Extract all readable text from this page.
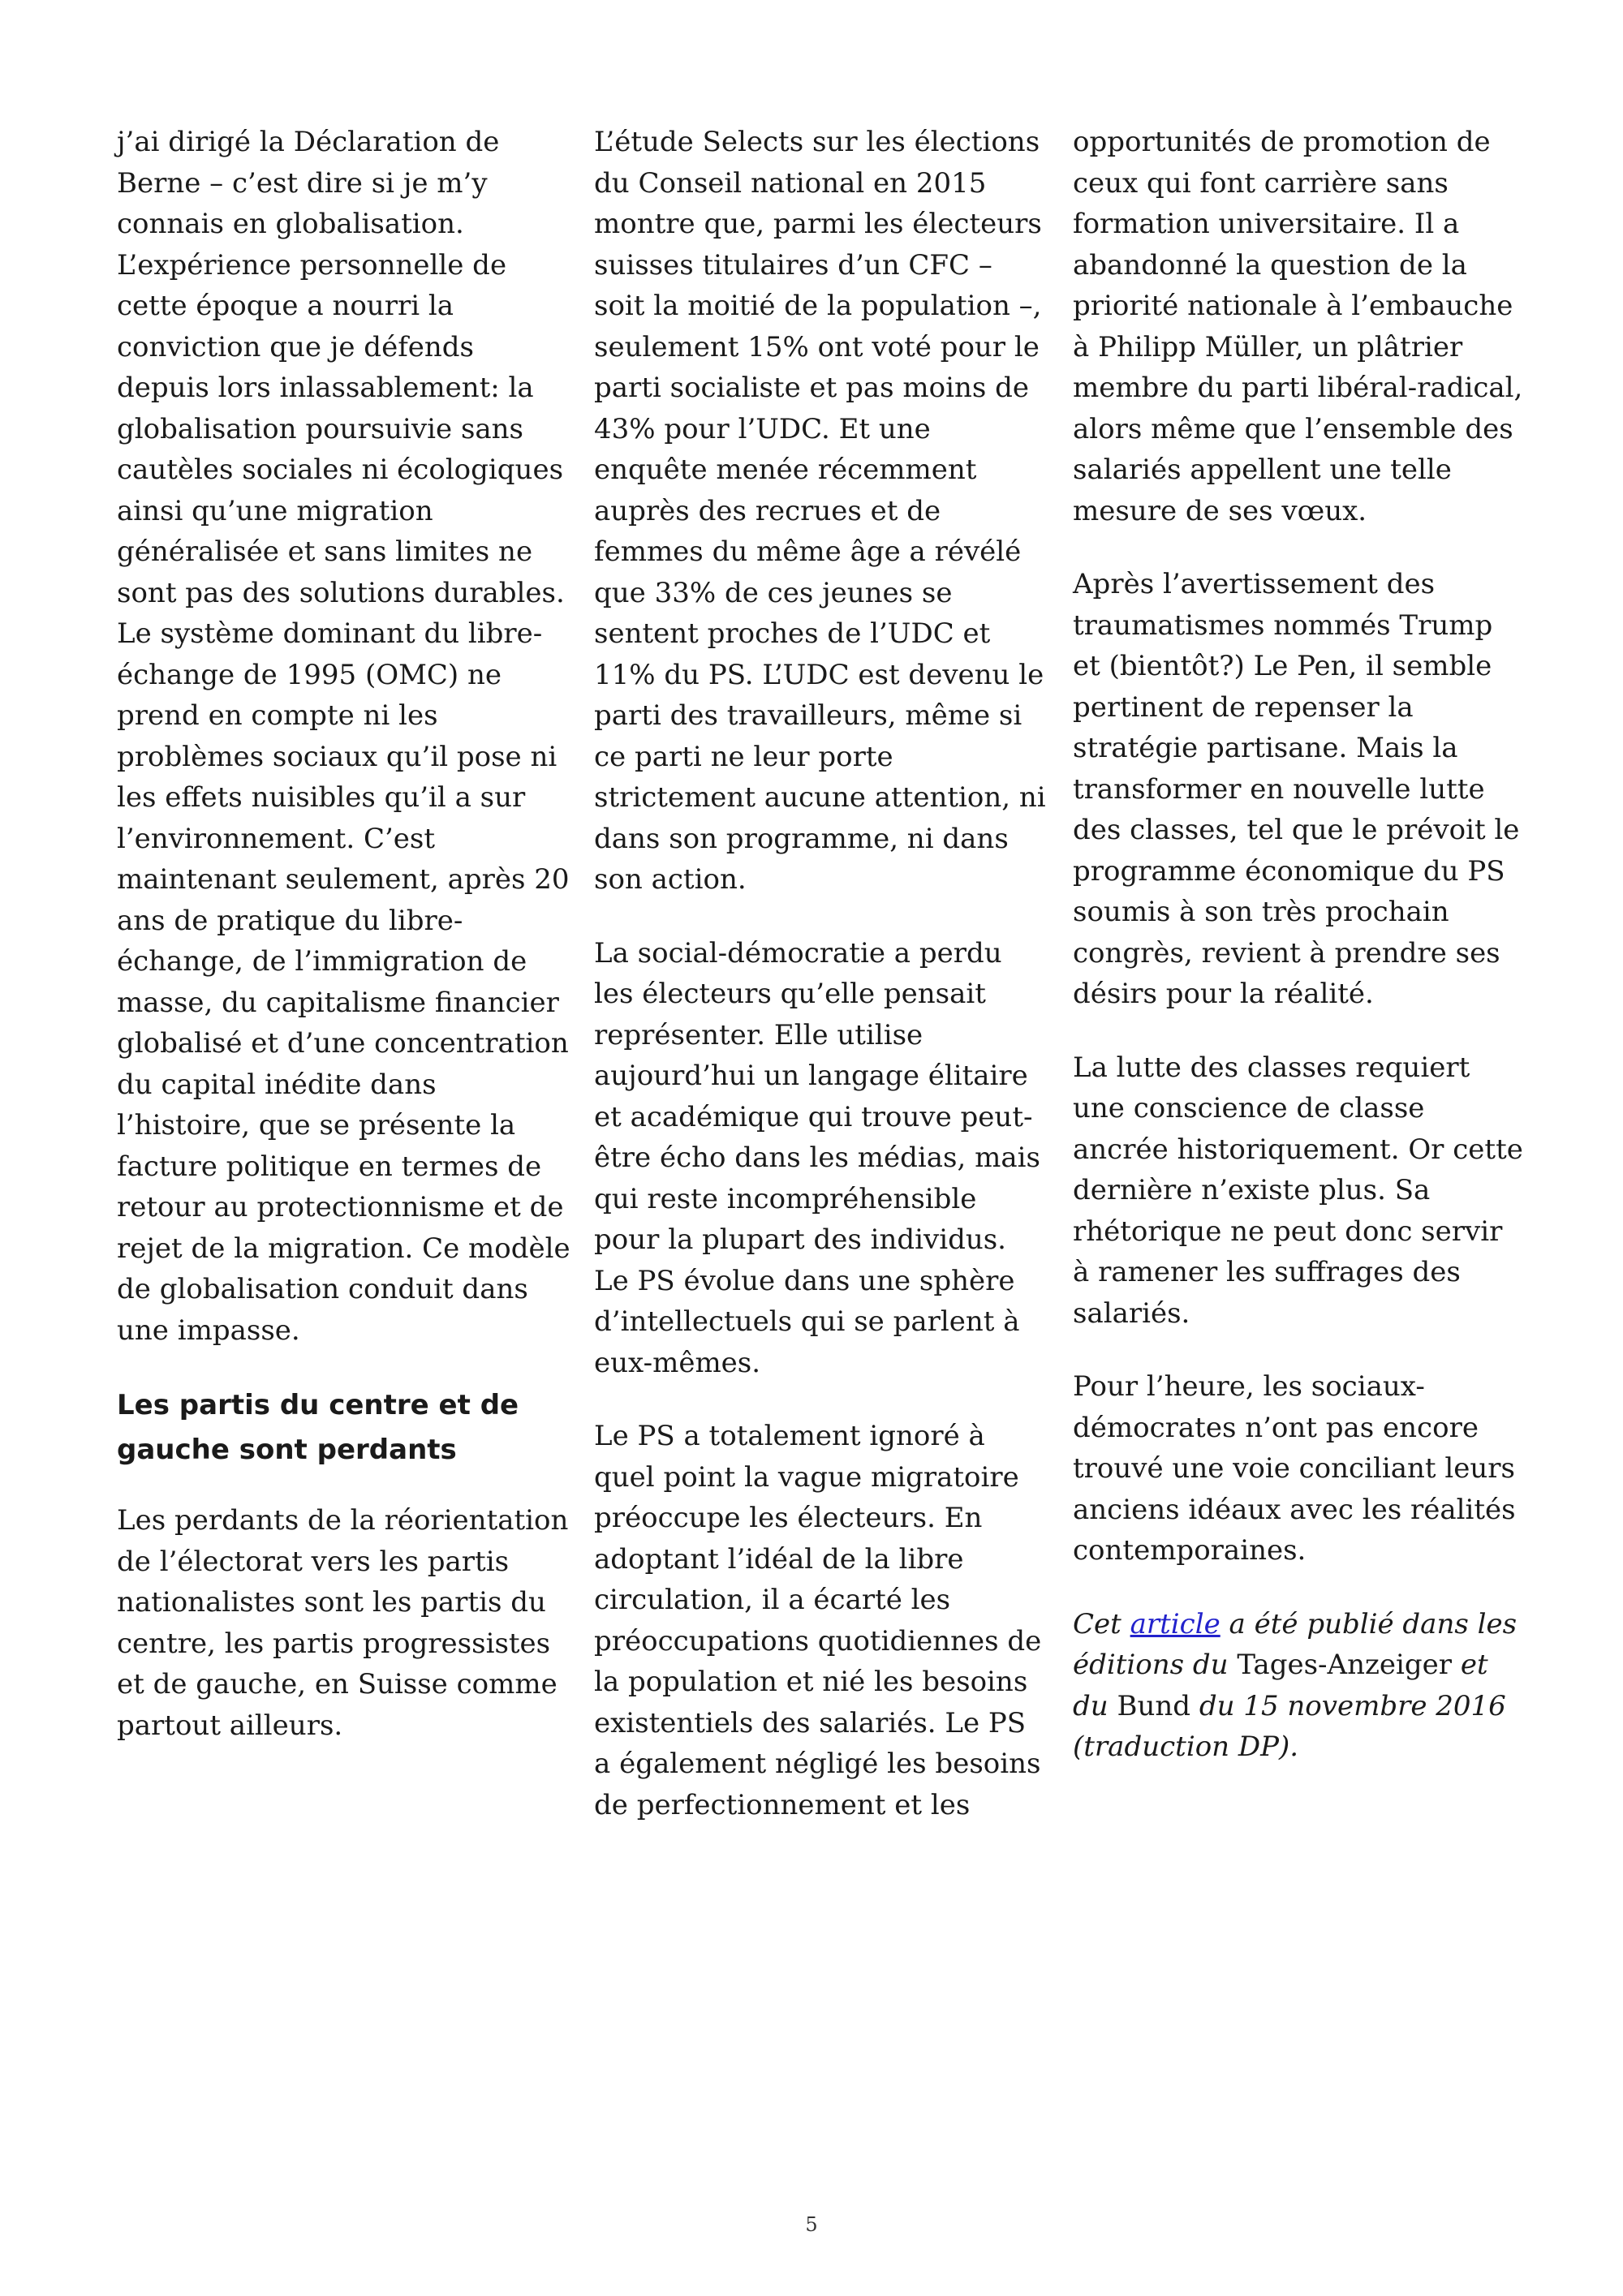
j’ai dirigé la Déclaration de Berne – c’est dire si je m’y connais en globalisation. L’expérience personnelle de cette époque a nourri la conviction que je défends depuis lors inlassablement: la globalisation poursuivie sans cautèles sociales ni écologiques ainsi qu’une migration généralisée et sans limites ne sont pas des solutions durables. Le système dominant du libre-échange de 1995 (OMC) ne prend en compte ni les problèmes sociaux qu’il pose ni les effets nuisibles qu’il a sur l’environnement. C’est maintenant seulement, après 20 ans de pratique du libre-échange, de l’immigration de masse, du capitalisme financier globalisé et d’une concentration du capital inédite dans l’histoire, que se présente la facture politique en termes de retour au protectionnisme et de rejet de la migration. Ce modèle de globalisation conduit dans une impasse.

Les partis du centre et de gauche sont perdants

Les perdants de la réorientation de l’électorat vers les partis nationalistes sont les partis du centre, les partis progressistes et de gauche, en Suisse comme partout ailleurs.

L’étude Selects sur les élections du Conseil national en 2015 montre que, parmi les électeurs suisses titulaires d’un CFC – soit la moitié de la population –, seulement 15% ont voté pour le parti socialiste et pas moins de 43% pour l’UDC. Et une enquête menée récemment auprès des recrues et de femmes du même âge a révélé que 33% de ces jeunes se sentent proches de l’UDC et 11% du PS. L’UDC est devenu le parti des travailleurs, même si ce parti ne leur porte strictement aucune attention, ni dans son programme, ni dans son action.

La social-démocratie a perdu les électeurs qu’elle pensait représenter. Elle utilise aujourd’hui un langage élitaire et académique qui trouve peut-être écho dans les médias, mais qui reste incompréhensible pour la plupart des individus. Le PS évolue dans une sphère d’intellectuels qui se parlent à eux-mêmes.

Le PS a totalement ignoré à quel point la vague migratoire préoccupe les électeurs. En adoptant l’idéal de la libre circulation, il a écarté les préoccupations quotidiennes de la population et nié les besoins existentiels des salariés. Le PS a également négligé les besoins de perfectionnement et les

opportunités de promotion de ceux qui font carrière sans formation universitaire. Il a abandonné la question de la priorité nationale à l’embauche à Philipp Müller, un plâtrier membre du parti libéral-radical, alors même que l’ensemble des salariés appellent une telle mesure de ses vœux.

Après l’avertissement des traumatismes nommés Trump et (bientôt?) Le Pen, il semble pertinent de repenser la stratégie partisane. Mais la transformer en nouvelle lutte des classes, tel que le prévoit le programme économique du PS soumis à son très prochain congrès, revient à prendre ses désirs pour la réalité.

La lutte des classes requiert une conscience de classe ancrée historiquement. Or cette dernière n’existe plus. Sa rhétorique ne peut donc servir à ramener les suffrages des salariés.

Pour l’heure, les sociaux-démocrates n’ont pas encore trouvé une voie conciliant leurs anciens idéaux avec les réalités contemporaines.

Cet article a été publié dans les éditions du Tages-Anzeiger et du Bund du 15 novembre 2016 (traduction DP).

5
